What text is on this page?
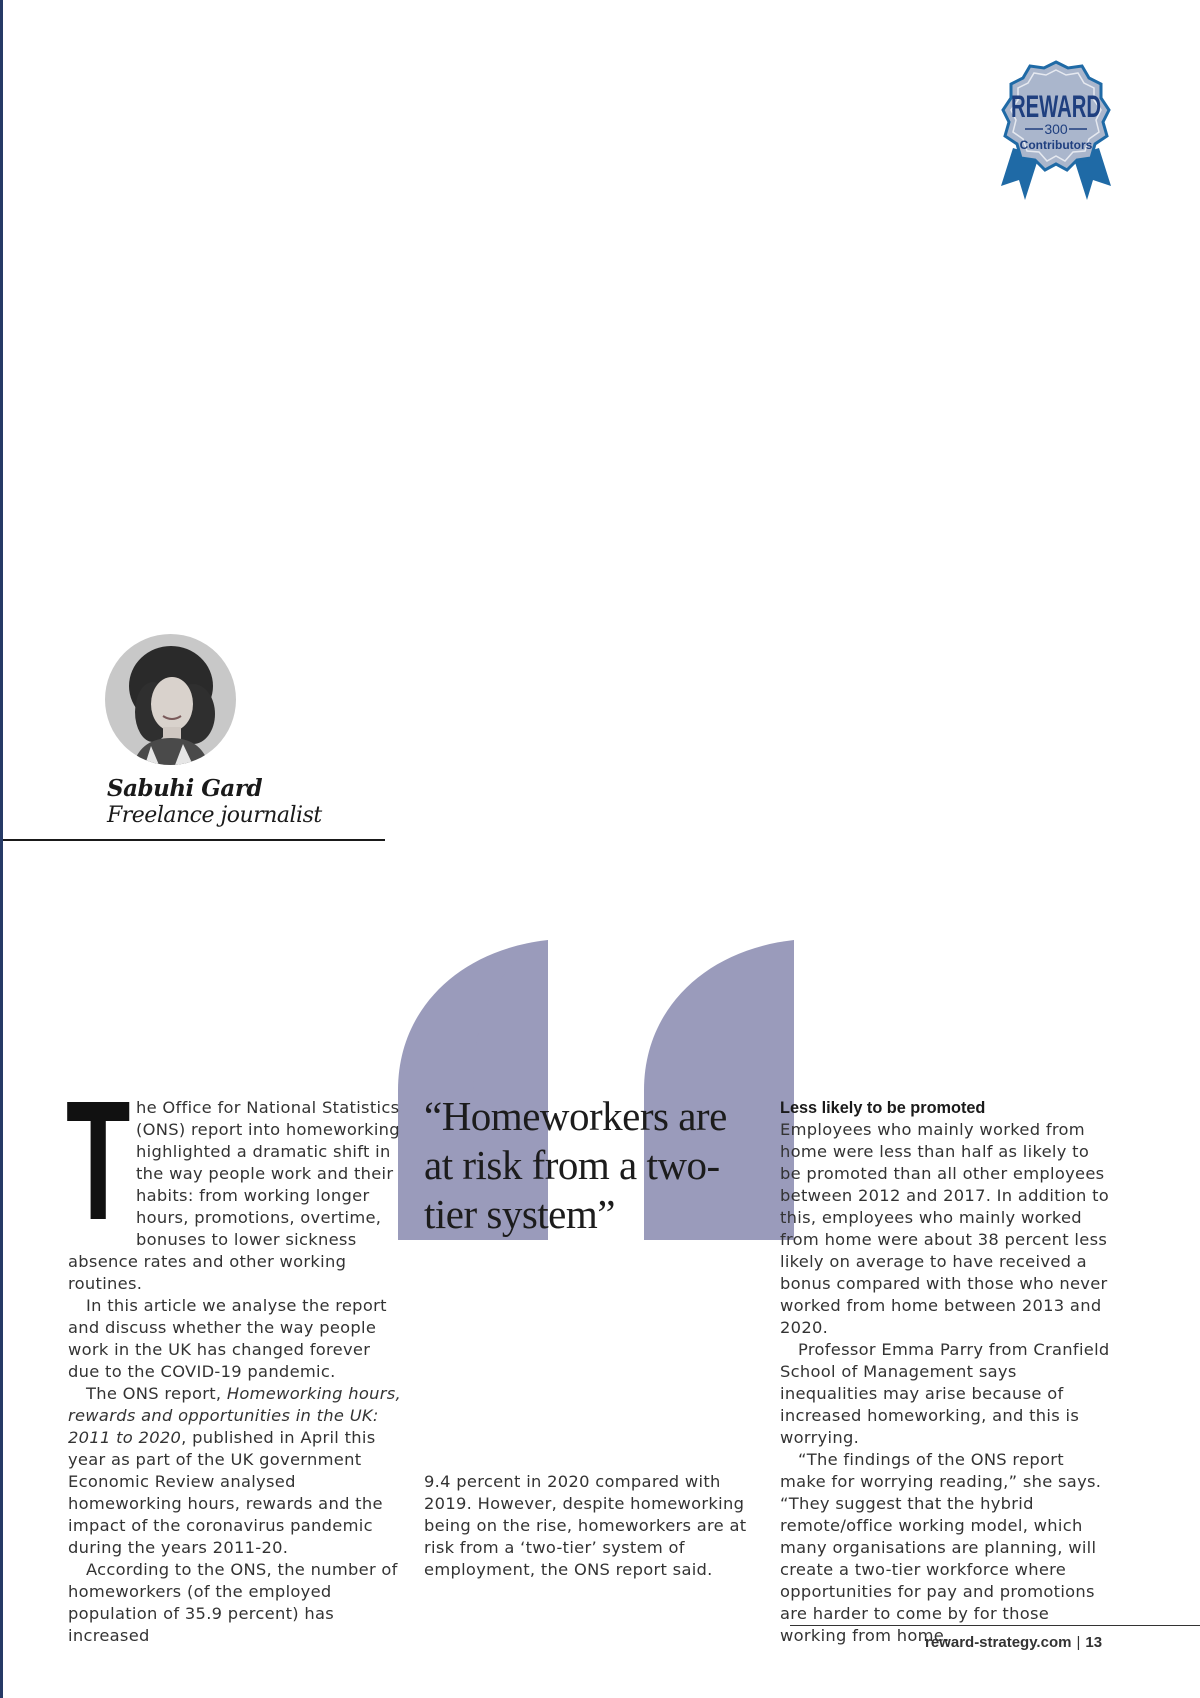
REWARD
300
Contributors
Sabuhi Gard
Freelance journalist

The Office for National Statistics (ONS) report into homeworking highlighted a dramatic shift in the way people work and their habits: from working longer hours, promotions, overtime, bonuses to lower sickness absence rates and other working routines.

In this article we analyse the report and discuss whether the way people work in the UK has changed forever due to the COVID-19 pandemic.

The ONS report, Homeworking hours, rewards and opportunities in the UK: 2011 to 2020, published in April this year as part of the UK government Economic Review analysed homeworking hours, rewards and the impact of the coronavirus pandemic during the years 2011-20.

According to the ONS, the number of homeworkers (of the employed population of 35.9 percent) has increased

“Homeworkers are at risk from a two-tier system”

9.4 percent in 2020 compared with 2019. However, despite homeworking being on the rise, homeworkers are at risk from a ‘two-tier’ system of employment, the ONS report said.

Less likely to be promoted

Employees who mainly worked from home were less than half as likely to be promoted than all other employees between 2012 and 2017. In addition to this, employees who mainly worked from home were about 38 percent less likely on average to have received a bonus compared with those who never worked from home between 2013 and 2020.

Professor Emma Parry from Cranfield School of Management says inequalities may arise because of increased homeworking, and this is worrying.

“The findings of the ONS report make for worrying reading,” she says. “They suggest that the hybrid remote/office working model, which many organisations are planning, will create a two-tier workforce where opportunities for pay and promotions are harder to come by for those working from home.

reward-strategy.com | 13
